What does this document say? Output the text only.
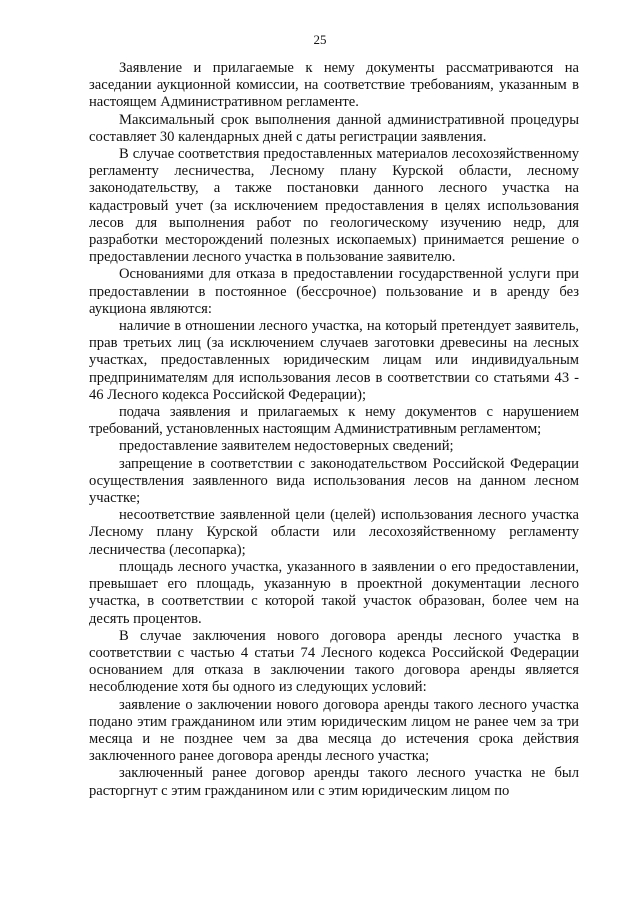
25

Заявление и прилагаемые к нему документы рассматриваются на заседании аукционной комиссии, на соответствие требованиям, указанным в настоящем Административном регламенте.

Максимальный срок выполнения данной административной процедуры составляет 30 календарных дней с даты регистрации заявления.

В случае соответствия предоставленных материалов лесохозяйственному регламенту лесничества, Лесному плану Курской области, лесному законодательству, а также постановки данного лесного участка на кадастровый учет (за исключением предоставления в целях использования лесов для выполнения работ по геологическому изучению недр, для разработки месторождений полезных ископаемых) принимается решение о предоставлении лесного участка в пользование заявителю.

Основаниями для отказа в предоставлении государственной услуги при предоставлении в постоянное (бессрочное) пользование и в аренду без аукциона являются:

наличие в отношении лесного участка, на который претендует заявитель, прав третьих лиц (за исключением случаев заготовки древесины на лесных участках, предоставленных юридическим лицам или индивидуальным предпринимателям для использования лесов в соответствии со статьями 43 - 46 Лесного кодекса Российской Федерации);

подача заявления и прилагаемых к нему документов с нарушением требований, установленных настоящим Административным регламентом;

предоставление заявителем недостоверных сведений;

запрещение в соответствии с законодательством Российской Федерации осуществления заявленного вида использования лесов на данном лесном участке;

несоответствие заявленной цели (целей) использования лесного участка Лесному плану Курской области или лесохозяйственному регламенту лесничества (лесопарка);

площадь лесного участка, указанного в заявлении о его предоставлении, превышает его площадь, указанную в проектной документации лесного участка, в соответствии с которой такой участок образован, более чем на десять процентов.

В случае заключения нового договора аренды лесного участка в соответствии с частью 4 статьи 74 Лесного кодекса Российской Федерации основанием для отказа в заключении такого договора аренды является несоблюдение хотя бы одного из следующих условий:

заявление о заключении нового договора аренды такого лесного участка подано этим гражданином или этим юридическим лицом не ранее чем за три месяца и не позднее чем за два месяца до истечения срока действия заключенного ранее договора аренды лесного участка;

заключенный ранее договор аренды такого лесного участка не был расторгнут с этим гражданином или с этим юридическим лицом по
